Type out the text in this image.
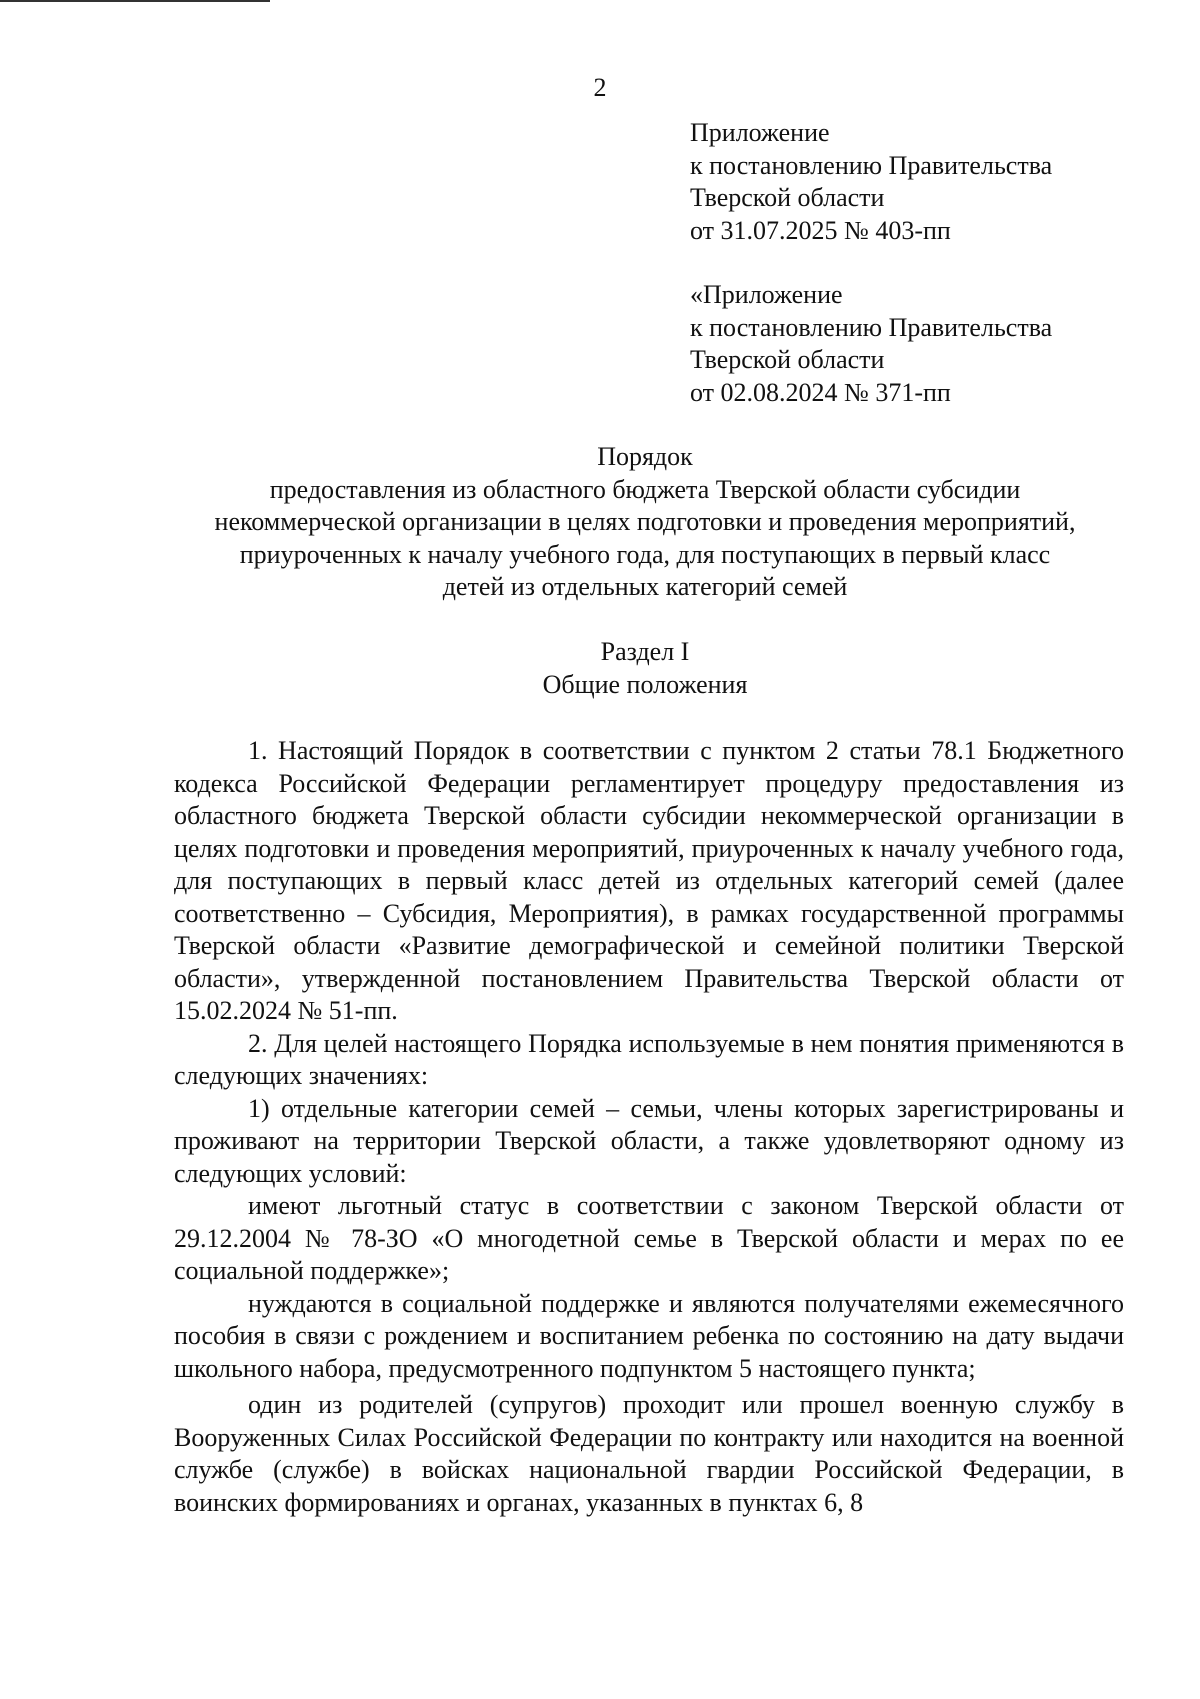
2
Приложение
к постановлению Правительства
Тверской области
от 31.07.2025 № 403-пп
«Приложение
к постановлению Правительства
Тверской области
от 02.08.2024 № 371-пп
Порядок
предоставления из областного бюджета Тверской области субсидии
некоммерческой организации в целях подготовки и проведения мероприятий,
приуроченных к началу учебного года, для поступающих в первый класс
детей из отдельных категорий семей
Раздел I
Общие положения

1. Настоящий Порядок в соответствии с пунктом 2 статьи 78.1 Бюджетного кодекса Российской Федерации регламентирует процедуру предоставления из областного бюджета Тверской области субсидии некоммерческой организации в целях подготовки и проведения мероприятий, приуроченных к началу учебного года, для поступающих в первый класс детей из отдельных категорий семей (далее соответственно – Субсидия, Мероприятия), в рамках государственной программы Тверской области «Развитие демографической и семейной политики Тверской области», утвержденной постановлением Правительства Тверской области от 15.02.2024 № 51-пп.

2. Для целей настоящего Порядка используемые в нем понятия применяются в следующих значениях:

1) отдельные категории семей – семьи, члены которых зарегистрированы и проживают на территории Тверской области, а также удовлетворяют одному из следующих условий:

имеют льготный статус в соответствии с законом Тверской области от 29.12.2004 № 78-ЗО «О многодетной семье в Тверской области и мерах по ее социальной поддержке»;

нуждаются в социальной поддержке и являются получателями ежемесячного пособия в связи с рождением и воспитанием ребенка по состоянию на дату выдачи школьного набора, предусмотренного подпунктом 5 настоящего пункта;

один из родителей (супругов) проходит или прошел военную службу в Вооруженных Силах Российской Федерации по контракту или находится на военной службе (службе) в войсках национальной гвардии Российской Федерации, в воинских формированиях и органах, указанных в пунктах 6, 8
